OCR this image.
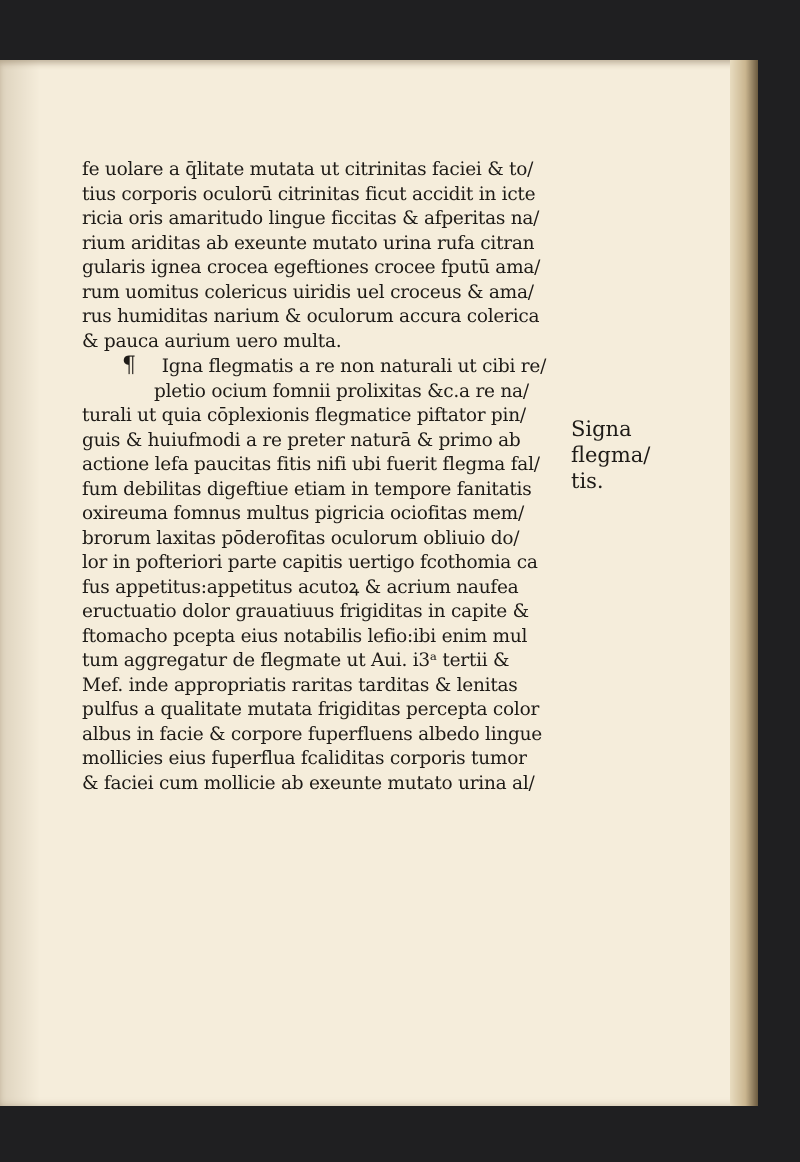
fe uolare a q̄litate mutata ut citrinitas faciei & to/
tius corporis oculorū citrinitas ficut accidit in icte
ricia oris amaritudo lingue ficcitas & afperitas na/
rium ariditas ab exeunte mutato urina rufa citran
gularis ignea crocea egeftiones crocee fputū ama/
rum uomitus colericus uiridis uel croceus & ama/
rus humiditas narium & oculorum accura colerica
& pauca aurium uero multa.
¶ Igna flegmatis a re non naturali ut cibi re/
pletio ocium fomnii prolixitas &c.a re na/
turali ut quia cōplexionis flegmatice piftator pin/
guis & huiufmodi a re preter naturā & primo ab
actione lefa paucitas fitis nifi ubi fuerit flegma fal/
fum debilitas digeftiue etiam in tempore fanitatis
oxireuma fomnus multus pigricia ociofitas mem/
brorum laxitas pōderofitas oculorum obliuio do/
lor in pofteriori parte capitis uertigo fcothomia ca
fus appetitus:appetitus acutoꝝ & acrium naufea
eructuatio dolor grauatiuus frigiditas in capite &
ftomacho pcepta eius notabilis lefio:ibi enim mul
tum aggregatur de flegmate ut Aui. i3ᵃ tertii &
Mef. inde appropriatis raritas tarditas & lenitas
pulfus a qualitate mutata frigiditas percepta color
albus in facie & corpore fuperfluens albedo lingue
mollicies eius fuperflua fcaliditas corporis tumor
& faciei cum mollicie ab exeunte mutato urina al/
Signa
flegma/
tis.
